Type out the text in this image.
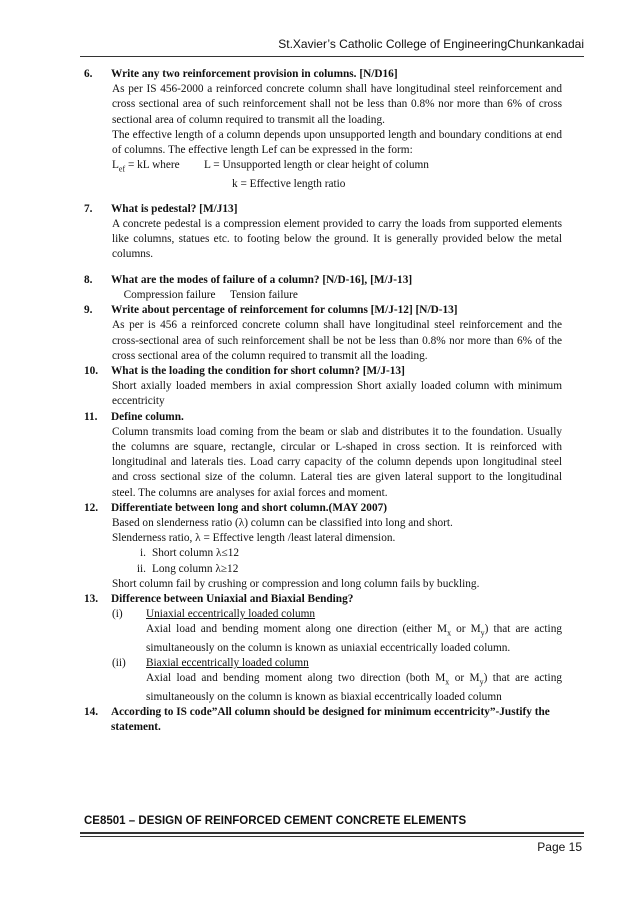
St.Xavier’s Catholic College of EngineeringChunkankadai
6.	Write any two reinforcement provision in columns. [N/D16]
As per IS 456-2000 a reinforced concrete column shall have longitudinal steel reinforcement and cross sectional area of such reinforcement shall not be less than 0.8% nor more than 6% of cross sectional area of column required to transmit all the loading.
The effective length of a column depends upon unsupported length and boundary conditions at end of columns. The effective length Lef can be expressed in the form:
$L_{ef}$ = kL where	L = Unsupported length or clear height of column
k = Effective length ratio
7.	What is pedestal? [M/J13]
A concrete pedestal is a compression element provided to carry the loads from supported elements like columns, statues etc. to footing below the ground. It is generally provided below the metal columns.
8.	What are the modes of failure of a column? [N/D-16], [M/J-13]
Compression failure Tension failure
9.	Write about percentage of reinforcement for columns [M/J-12] [N/D-13]
As per is 456 a reinforced concrete column shall have longitudinal steel reinforcement and the cross-sectional area of such reinforcement shall be not be less than 0.8% nor more than 6% of the cross sectional area of the column required to transmit all the loading.
10.	What is the loading the condition for short column? [M/J-13]
Short axially loaded members in axial compression Short axially loaded column with minimum eccentricity
11.	Define column.
Column transmits load coming from the beam or slab and distributes it to the foundation. Usually the columns are square, rectangle, circular or L-shaped in cross section. It is reinforced with longitudinal and laterals ties. Load carry capacity of the column depends upon longitudinal steel and cross sectional size of the column. Lateral ties are given lateral support to the longitudinal steel. The columns are analyses for axial forces and moment.
12.	Differentiate between long and short column.(MAY 2007)
Based on slenderness ratio (λ) column can be classified into long and short.
Slenderness ratio, λ = Effective length /least lateral dimension.
i. Short column λ≤12
ii. Long column λ≥12
Short column fail by crushing or compression and long column fails by buckling.
13.	Difference between Uniaxial and Biaxial Bending?
(i)	Uniaxial eccentrically loaded column
Axial load and bending moment along one direction (either $M_x$ or $M_y$) that are acting simultaneously on the column is known as uniaxial eccentrically loaded column.
(ii)	Biaxial eccentrically loaded column
Axial load and bending moment along two direction (both $M_x$ or $M_y$) that are acting simultaneously on the column is known as biaxial eccentrically loaded column
14.	According to IS code”All column should be designed for minimum eccentricity”-Justify the statement.
CE8501 – DESIGN OF REINFORCED CEMENT CONCRETE ELEMENTS
Page 15
